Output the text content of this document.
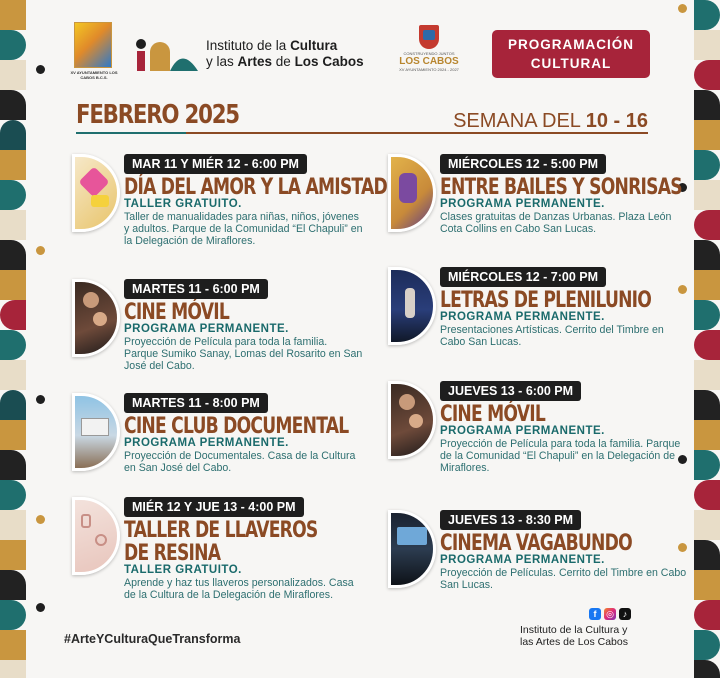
XV AYUNTAMIENTO LOS CABOS B.C.S.
Instituto de la Cultura
y las Artes de Los Cabos
CONSTRUYENDO JUNTOS
LOS CABOS
XV AYUNTAMIENTO 2024 - 2027
PROGRAMACIÓN
CULTURAL
FEBRERO 2025	SEMANA DEL 10 - 16
MAR 11 Y MIÉR 12 - 6:00 PM
DÍA DEL AMOR Y LA AMISTAD
TALLER GRATUITO.
Taller de manualidades para niñas, niños, jóvenes y adultos. Parque de la Comunidad “El Chapuli” en la Delegación de Miraflores.
MARTES 11 - 6:00 PM
CINE MÓVIL
PROGRAMA PERMANENTE.
Proyección de Película para toda la familia. Parque Sumiko Sanay, Lomas del Rosarito en San José del Cabo.
MARTES 11 - 8:00 PM
CINE CLUB DOCUMENTAL
PROGRAMA PERMANENTE.
Proyección de Documentales. Casa de la Cultura en San José del Cabo.
MIÉR 12 Y JUE 13 - 4:00 PM
TALLER DE LLAVEROS
DE RESINA
TALLER GRATUITO.
Aprende y haz tus llaveros personalizados. Casa de la Cultura de la Delegación de Miraflores.
MIÉRCOLES 12 - 5:00 PM
ENTRE BAILES Y SONRISAS
PROGRAMA PERMANENTE.
Clases gratuitas de Danzas Urbanas. Plaza León Cota Collins en Cabo San Lucas.
MIÉRCOLES 12 - 7:00 PM
LETRAS DE PLENILUNIO
PROGRAMA PERMANENTE.
Presentaciones Artísticas. Cerrito del Timbre en Cabo San Lucas.
JUEVES 13 - 6:00 PM
CINE MÓVIL
PROGRAMA PERMANENTE.
Proyección de Película para toda la familia. Parque de la Comunidad “El Chapuli” en la Delegación de Miraflores.
JUEVES 13 - 8:30 PM
CINEMA VAGABUNDO
PROGRAMA PERMANENTE.
Proyección de Películas. Cerrito del Timbre en Cabo San Lucas.
#ArteYCulturaQueTransforma
f	◎ ♪
Instituto de la Cultura y
las Artes de Los Cabos
